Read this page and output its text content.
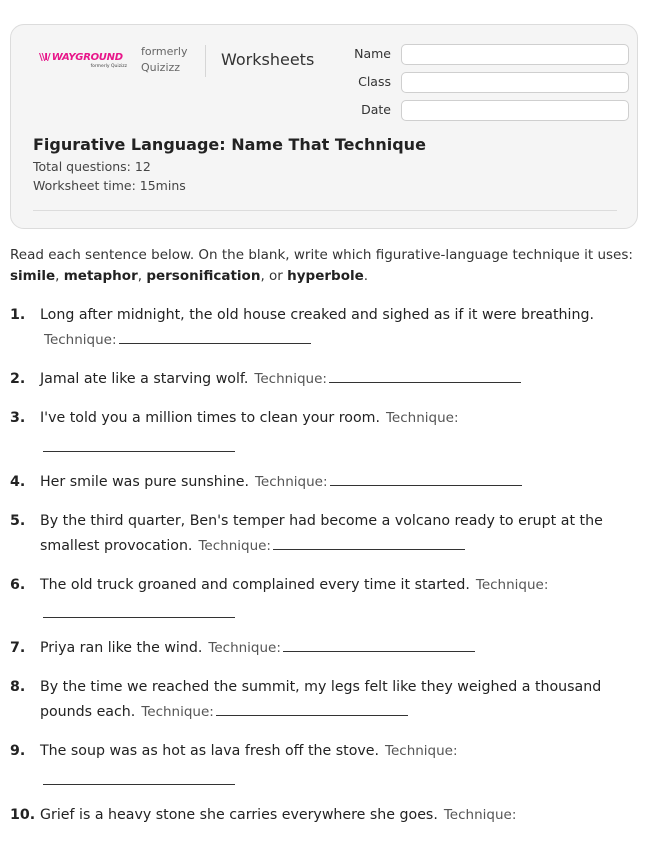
\\I/ WAYGROUND
formerly Quizizz
formerly Quizizz	Worksheets	Name
Class
Date
Figurative Language: Name That Technique
Total questions: 12
Worksheet time: 15mins
Read each sentence below. On the blank, write which figurative-language technique it uses: simile, metaphor, personification, or hyperbole.
1. Long after midnight, the old house creaked and sighed as if it were breathing.
Technique:
2. Jamal ate like a starving wolf. Technique:
3. I've told you a million times to clean your room. Technique:
4. Her smile was pure sunshine. Technique:
5. By the third quarter, Ben's temper had become a volcano ready to erupt at the smallest provocation. Technique:
6. The old truck groaned and complained every time it started. Technique:
7. Priya ran like the wind. Technique:
8. By the time we reached the summit, my legs felt like they weighed a thousand pounds each. Technique:
9. The soup was as hot as lava fresh off the stove. Technique:
10. Grief is a heavy stone she carries everywhere she goes. Technique:
